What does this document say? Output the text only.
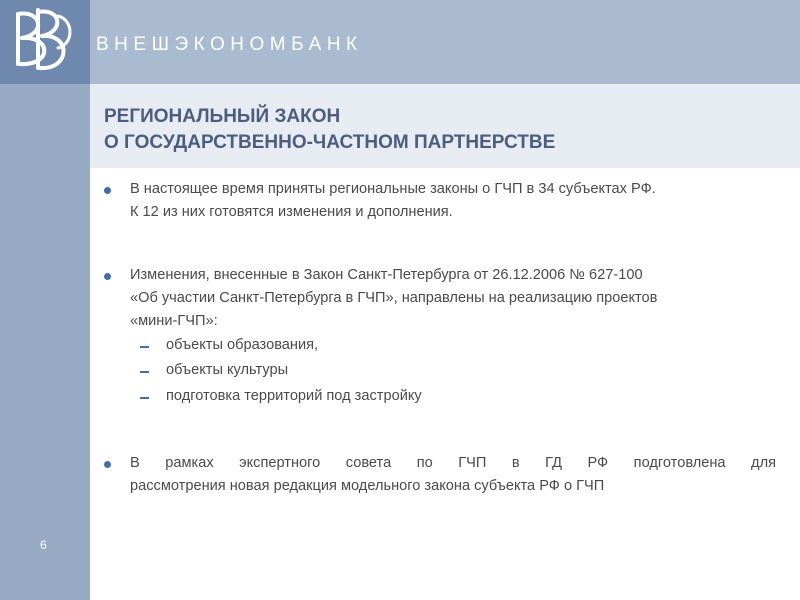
ВНЕШЭКОНОМБАНК
РЕГИОНАЛЬНЫЙ ЗАКОН
О ГОСУДАРСТВЕННО-ЧАСТНОМ ПАРТНЕРСТВЕ
В настоящее время приняты региональные законы о ГЧП в 34 субъектах РФ.
К 12 из них готовятся изменения и дополнения.
Изменения, внесенные в Закон Санкт-Петербурга от 26.12.2006 № 627-100
«Об участии Санкт-Петербурга в ГЧП», направлены на реализацию проектов
«мини-ГЧП»:
объекты образования,
объекты культуры
подготовка территорий под застройку
В рамках экспертного совета по ГЧП в ГД РФ подготовлена для
рассмотрения новая редакция модельного закона субъекта РФ о ГЧП
6
